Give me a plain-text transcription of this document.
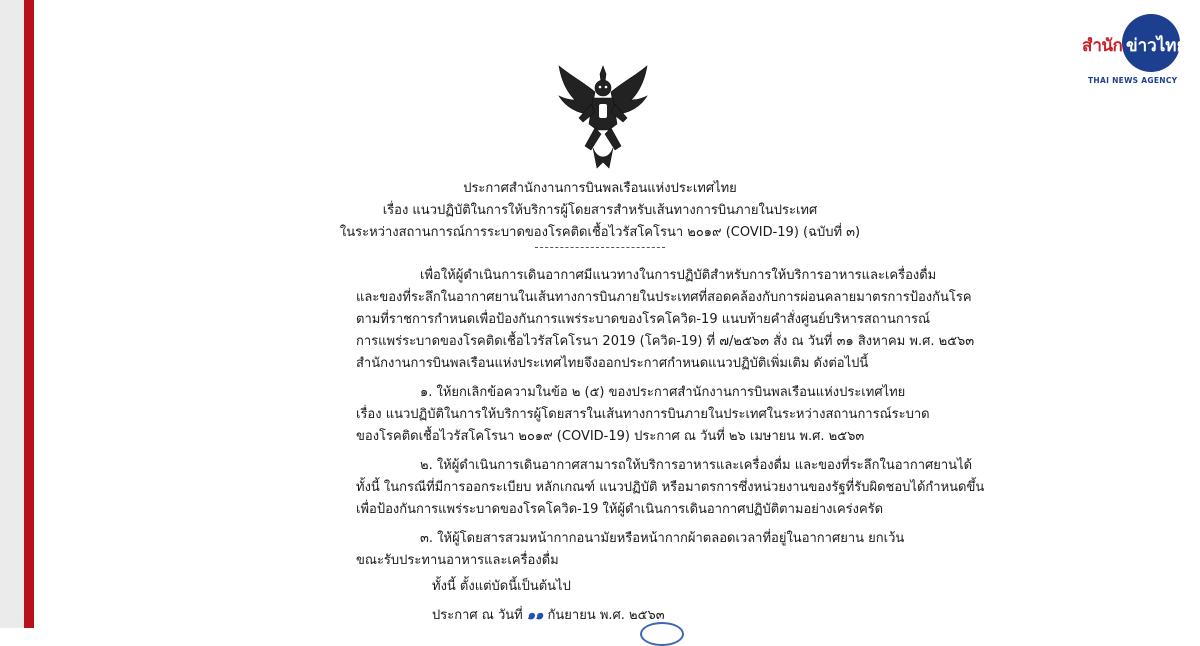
สำนัก ข่าวไทย
THAI NEWS AGENCY
ประกาศสำนักงานการบินพลเรือนแห่งประเทศไทย
เรื่อง แนวปฏิบัติในการให้บริการผู้โดยสารสำหรับเส้นทางการบินภายในประเทศ
ในระหว่างสถานการณ์การระบาดของโรคติดเชื้อไวรัสโคโรนา ๒๐๑๙ (COVID-19) (ฉบับที่ ๓)
เพื่อให้ผู้ดำเนินการเดินอากาศมีแนวทางในการปฏิบัติสำหรับการให้บริการอาหารและเครื่องดื่ม
และของที่ระลึกในอากาศยานในเส้นทางการบินภายในประเทศที่สอดคล้องกับการผ่อนคลายมาตรการป้องกันโรค
ตามที่ราชการกำหนดเพื่อป้องกันการแพร่ระบาดของโรคโควิด-19 แนบท้ายคำสั่งศูนย์บริหารสถานการณ์
การแพร่ระบาดของโรคติดเชื้อไวรัสโคโรนา 2019 (โควิด-19) ที่ ๗/๒๕๖๓ สั่ง ณ วันที่ ๓๑ สิงหาคม พ.ศ. ๒๕๖๓
สำนักงานการบินพลเรือนแห่งประเทศไทยจึงออกประกาศกำหนดแนวปฏิบัติเพิ่มเติม ดังต่อไปนี้
๑. ให้ยกเลิกข้อความในข้อ ๒ (๕) ของประกาศสำนักงานการบินพลเรือนแห่งประเทศไทย
เรื่อง แนวปฏิบัติในการให้บริการผู้โดยสารในเส้นทางการบินภายในประเทศในระหว่างสถานการณ์ระบาด
ของโรคติดเชื้อไวรัสโคโรนา ๒๐๑๙ (COVID-19) ประกาศ ณ วันที่ ๒๖ เมษายน พ.ศ. ๒๕๖๓
๒. ให้ผู้ดำเนินการเดินอากาศสามารถให้บริการอาหารและเครื่องดื่ม และของที่ระลึกในอากาศยานได้
ทั้งนี้ ในกรณีที่มีการออกระเบียบ หลักเกณฑ์ แนวปฏิบัติ หรือมาตรการซึ่งหน่วยงานของรัฐที่รับผิดชอบได้กำหนดขึ้น
เพื่อป้องกันการแพร่ระบาดของโรคโควิด-19 ให้ผู้ดำเนินการเดินอากาศปฏิบัติตามอย่างเคร่งครัด
๓. ให้ผู้โดยสารสวมหน้ากากอนามัยหรือหน้ากากผ้าตลอดเวลาที่อยู่ในอากาศยาน ยกเว้น
ขณะรับประทานอาหารและเครื่องดื่ม
ทั้งนี้ ตั้งแต่บัดนี้เป็นต้นไป
ประกาศ ณ วันที่ ๑๑ กันยายน พ.ศ. ๒๕๖๓
